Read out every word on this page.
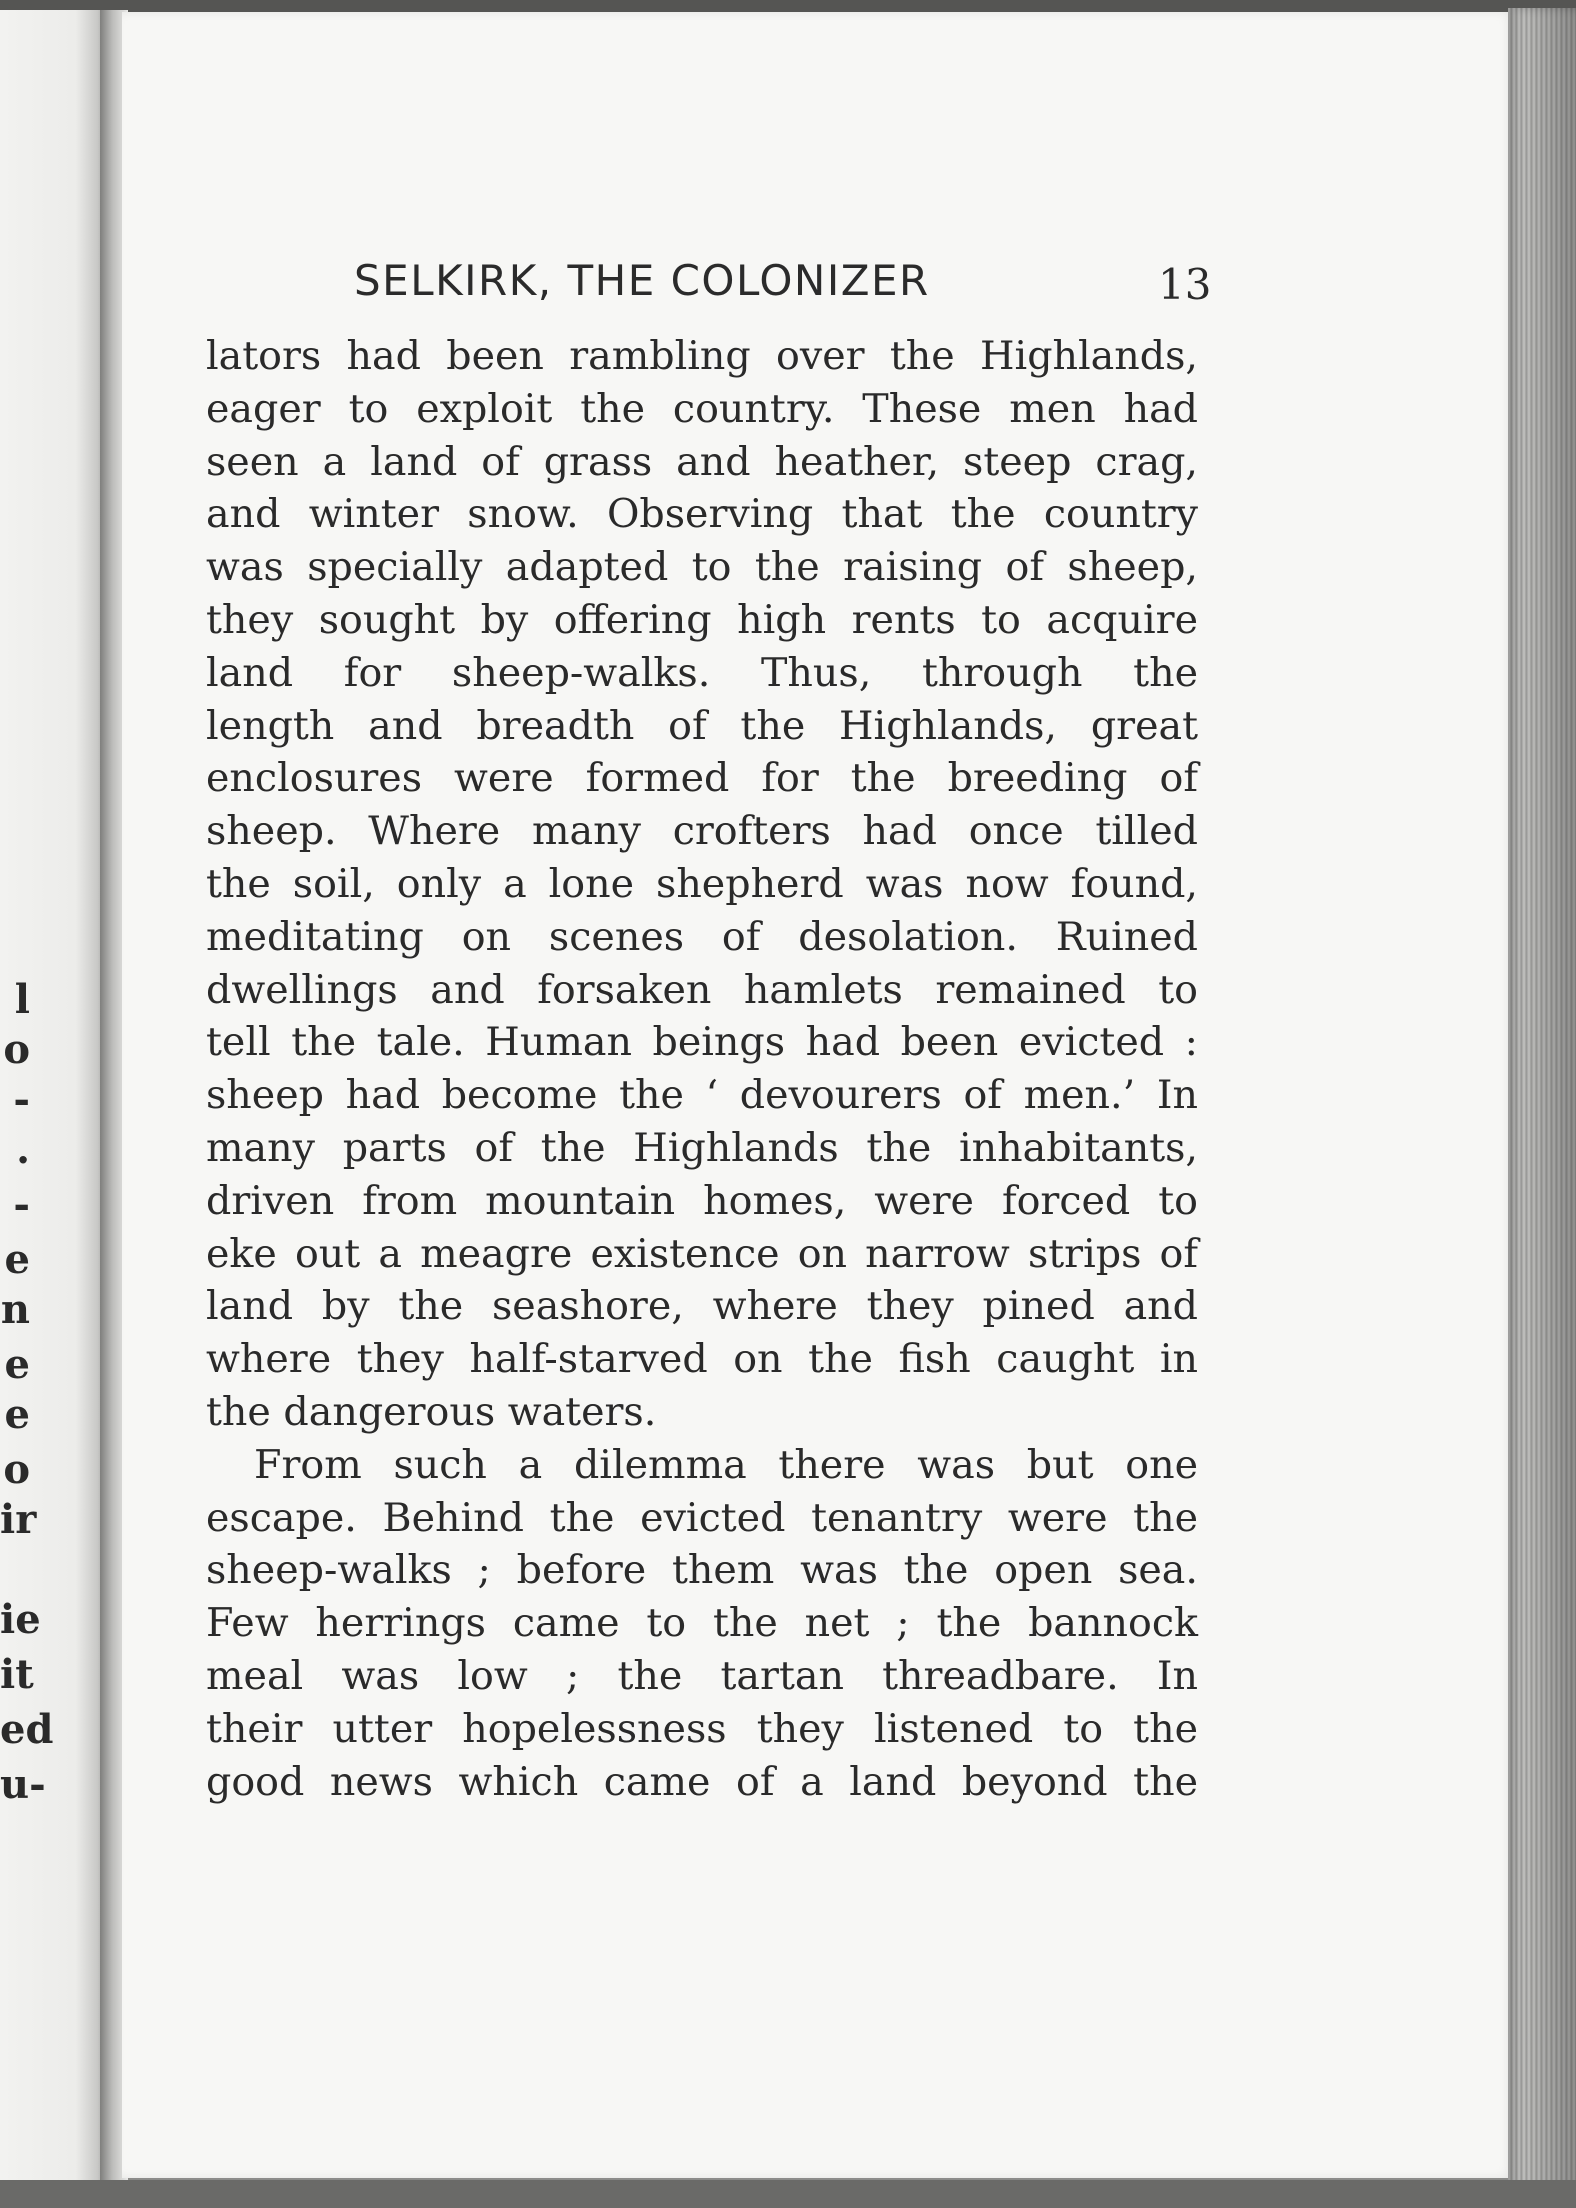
l
o
-
.
-
e
n
e
e
o
ir
ie
it
ed
u-
SELKIRK, THE COLONIZER	13

lators had been rambling over the Highlands,
eager to exploit the country. These men had
seen a land of grass and heather, steep crag,
and winter snow. Observing that the country
was specially adapted to the raising of sheep,
they sought by offering high rents to acquire
land for sheep-walks. Thus, through the
length and breadth of the Highlands, great
enclosures were formed for the breeding of
sheep. Where many crofters had once tilled
the soil, only a lone shepherd was now found,
meditating on scenes of desolation. Ruined
dwellings and forsaken hamlets remained to
tell the tale. Human beings had been evicted :
sheep had become the ‘ devourers of men.’ In
many parts of the Highlands the inhabitants,
driven from mountain homes, were forced to
eke out a meagre existence on narrow strips of
land by the seashore, where they pined and
where they half-starved on the fish caught in
the dangerous waters.

From such a dilemma there was but one
escape. Behind the evicted tenantry were the
sheep-walks ; before them was the open sea.
Few herrings came to the net ; the bannock
meal was low ; the tartan threadbare. In
their utter hopelessness they listened to the
good news which came of a land beyond the
